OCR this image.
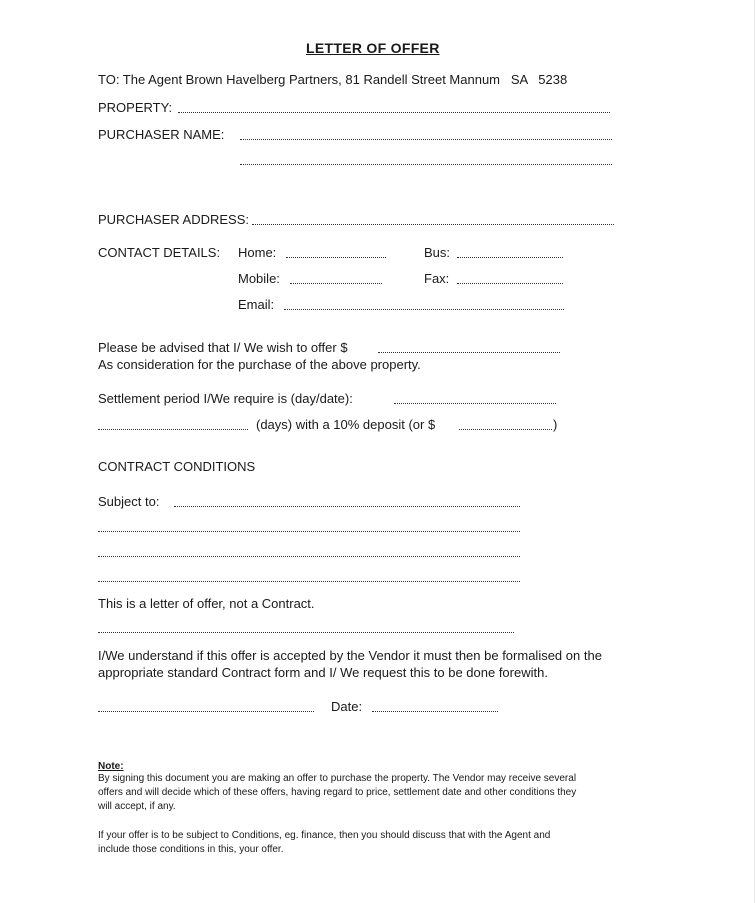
LETTER OF OFFER
TO: The Agent Brown Havelberg Partners, 81 Randell Street Mannum   SA   5238
PROPERTY:
PURCHASER NAME:
PURCHASER ADDRESS:
CONTACT DETAILS: Home:	Bus:
Mobile:	Fax:
Email:
Please be advised that I/ We wish to offer $
As consideration for the purchase of the above property.
Settlement period I/We require is (day/date):
(days) with a 10% deposit (or $	)
CONTRACT CONDITIONS
Subject to:
This is a letter of offer, not a Contract.
I/We understand if this offer is accepted by the Vendor it must then be formalised on the
appropriate standard Contract form and I/ We request this to be done forewith.
Date:
Note:
By signing this document you are making an offer to purchase the property. The Vendor may receive several
offers and will decide which of these offers, having regard to price, settlement date and other conditions they
will accept, if any.
If your offer is to be subject to Conditions, eg. finance, then you should discuss that with the Agent and
include those conditions in this, your offer.
